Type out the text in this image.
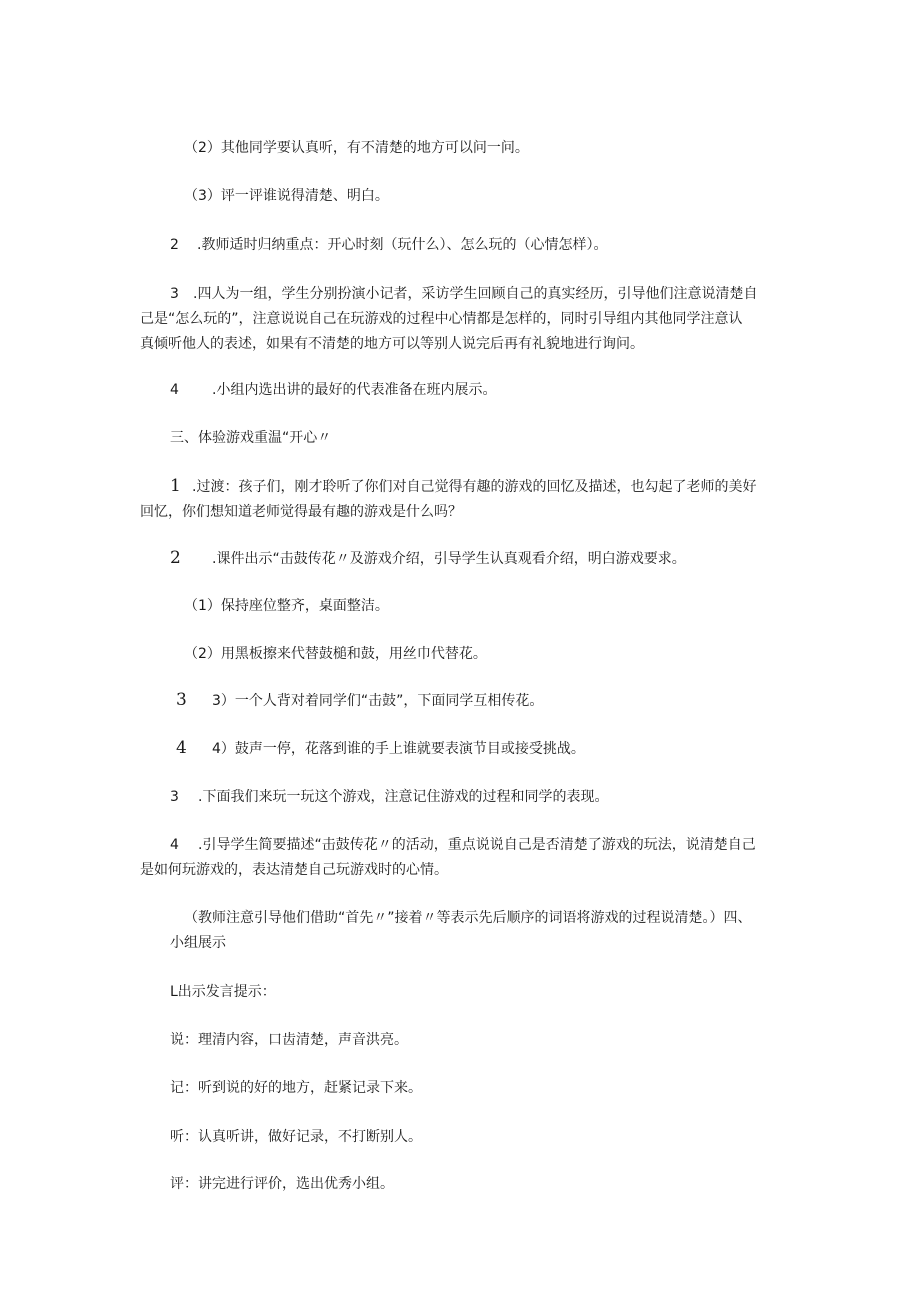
（2）其他同学要认真听，有不清楚的地方可以问一问。

（3）评一评谁说得清楚、明白。

2 .教师适时归纳重点：开心时刻（玩什么）、怎么玩的（心情怎样）。

3 .四人为一组，学生分别扮演小记者，采访学生回顾自己的真实经历，引导他们注意说清楚自
己是“怎么玩的”，注意说说自己在玩游戏的过程中心情都是怎样的，同时引导组内其他同学注意认
真倾听他人的表述，如果有不清楚的地方可以等别人说完后再有礼貌地进行询问。

4 .小组内选出讲的最好的代表准备在班内展示。

三、体验游戏重温“开心〃

1 .过渡：孩子们，刚才聆听了你们对自己觉得有趣的游戏的回忆及描述，也勾起了老师的美好
回忆，你们想知道老师觉得最有趣的游戏是什么吗？

2 .课件出示“击鼓传花〃及游戏介绍，引导学生认真观看介绍，明白游戏要求。

（1）保持座位整齐，桌面整洁。

（2）用黑板擦来代替鼓槌和鼓，用丝巾代替花。

3 3）一个人背对着同学们“击鼓”，下面同学互相传花。

4 4）鼓声一停，花落到谁的手上谁就要表演节目或接受挑战。

3 .下面我们来玩一玩这个游戏，注意记住游戏的过程和同学的表现。

4 .引导学生简要描述“击鼓传花〃的活动，重点说说自己是否清楚了游戏的玩法，说清楚自己
是如何玩游戏的，表达清楚自己玩游戏时的心情。
（教师注意引导他们借助“首先〃”接着〃等表示先后顺序的词语将游戏的过程说清楚。）四、
小组展示

L出示发言提示：

说：理清内容，口齿清楚，声音洪亮。

记：听到说的好的地方，赶紧记录下来。

听：认真听讲，做好记录，不打断别人。

评：讲完进行评价，选出优秀小组。
